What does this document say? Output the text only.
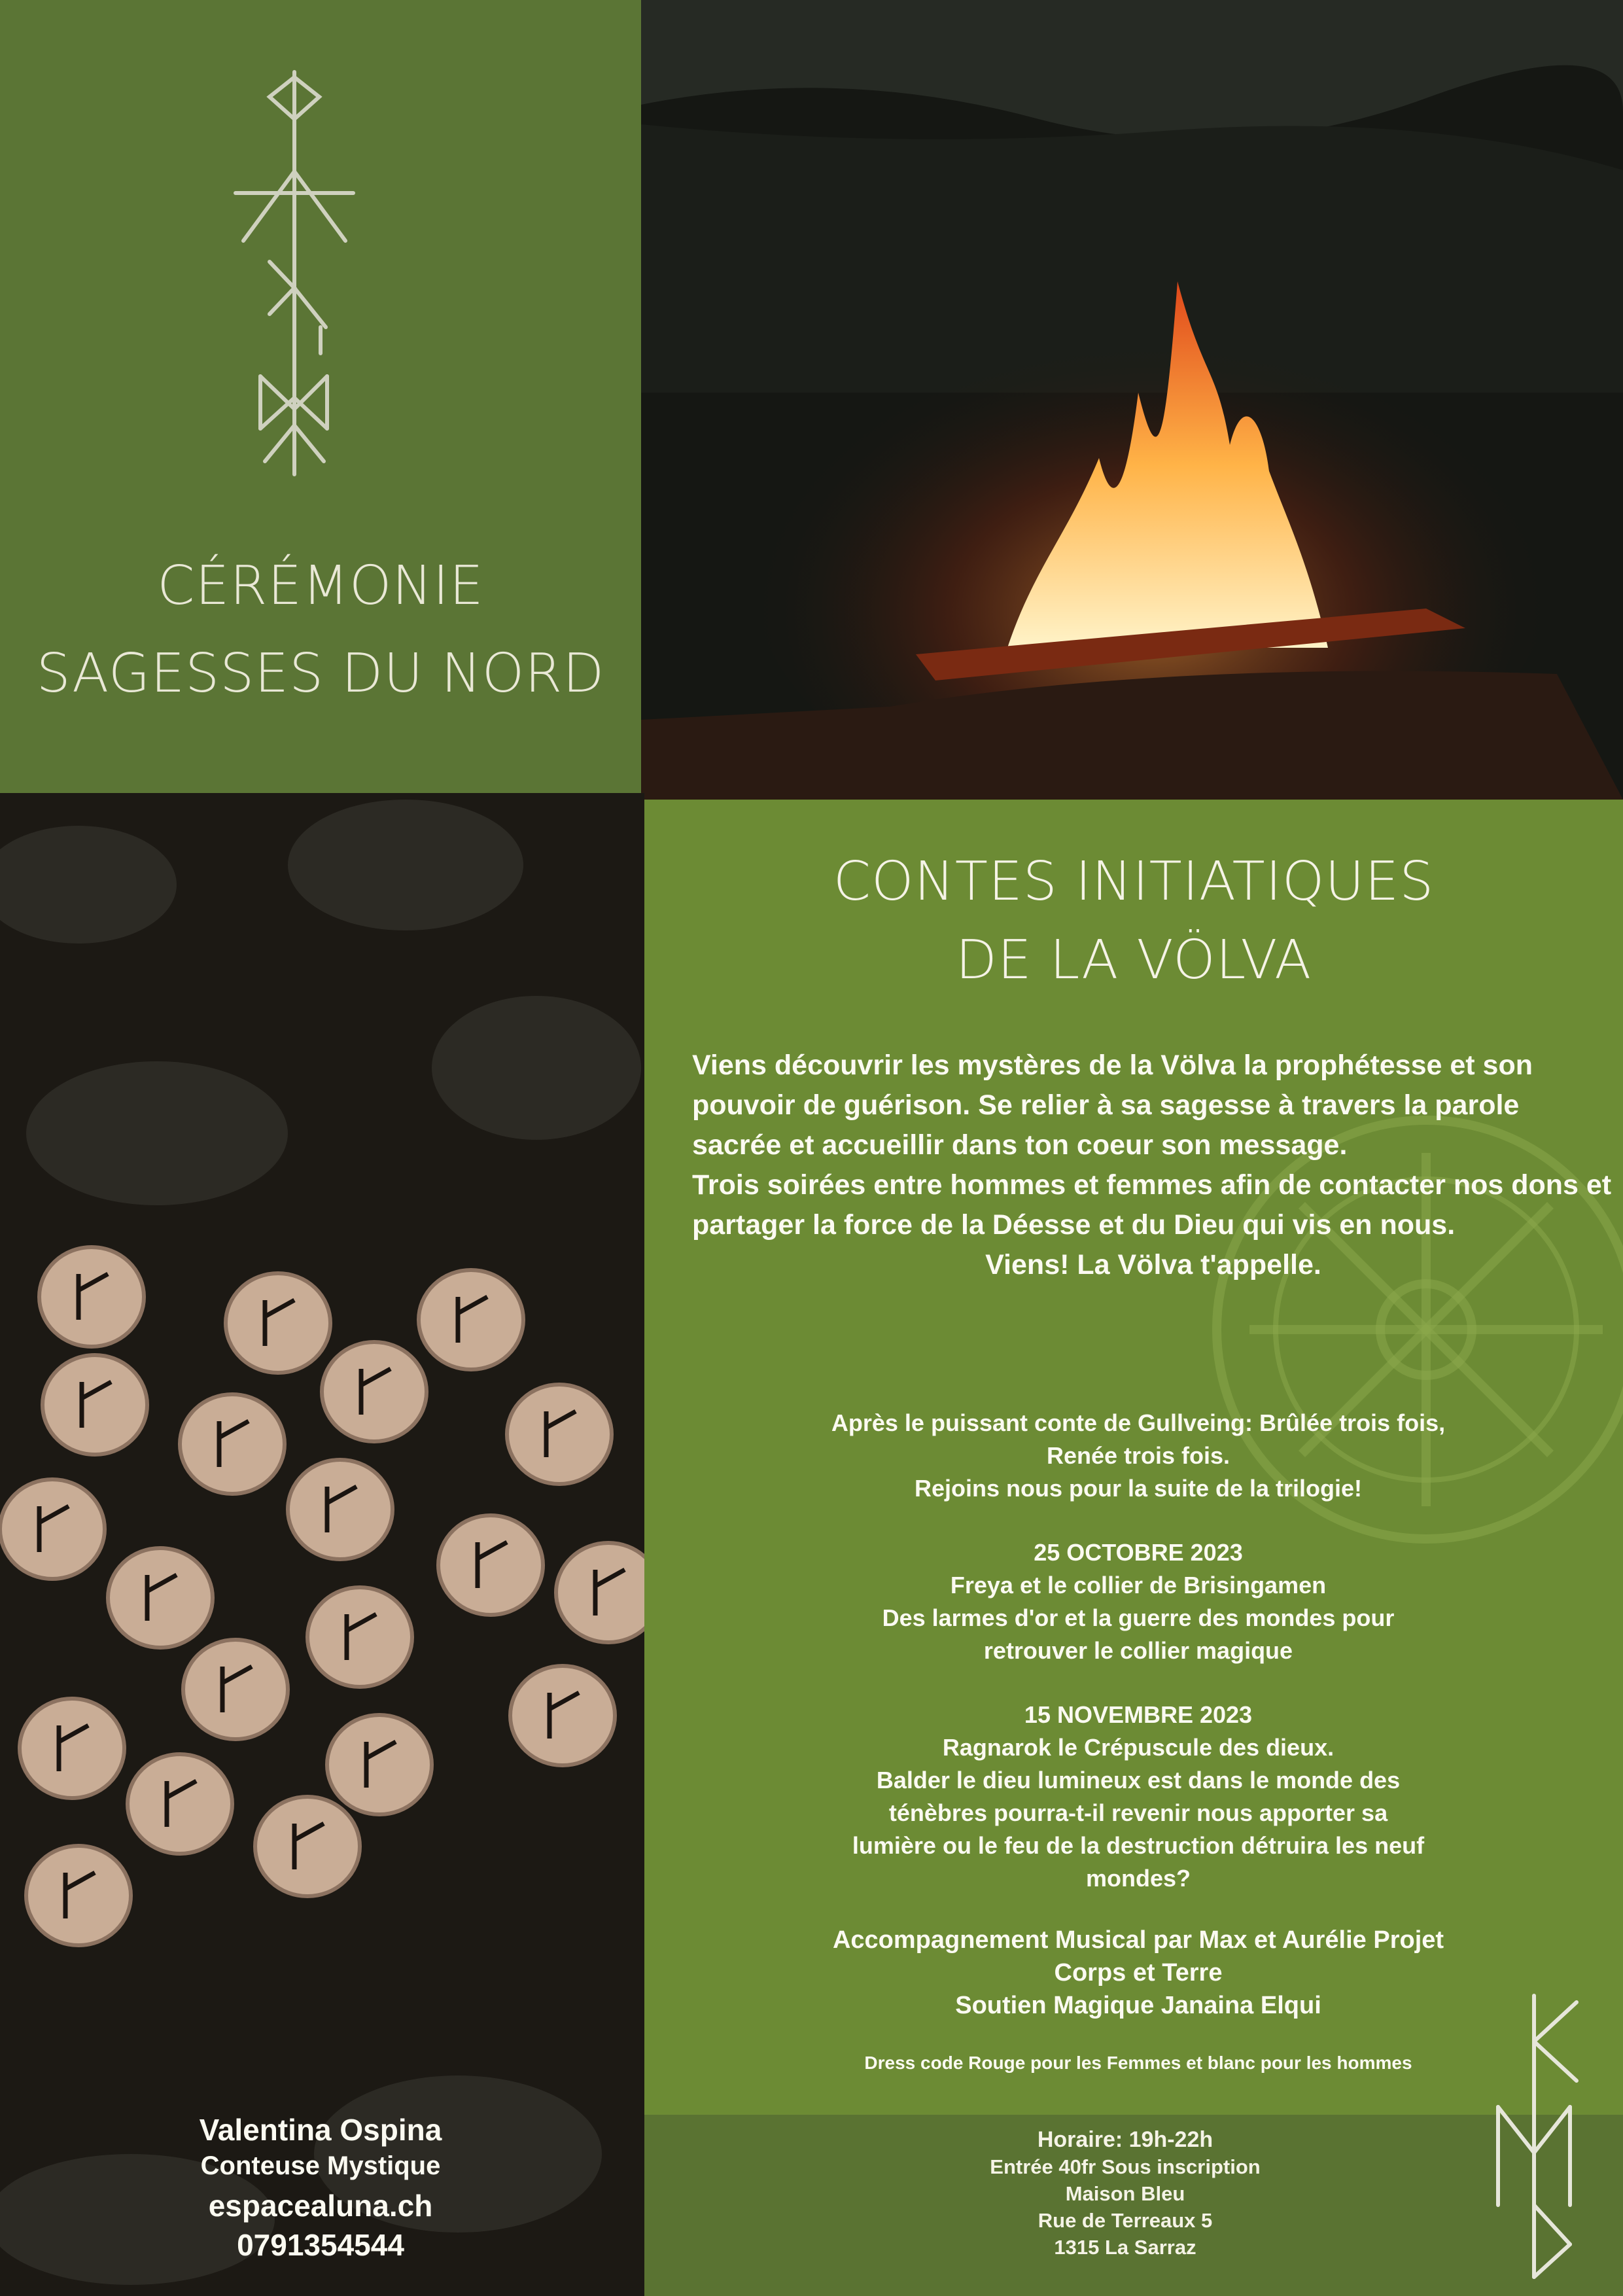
CÉRÉMONIE
SAGESSES DU NORD
Valentina Ospina
Conteuse Mystique
espacealuna.ch
0791354544
CONTES INITIATIQUES
DE LA VÖLVA

Viens découvrir les mystères de la Völva la prophétesse et son pouvoir de guérison. Se relier à sa sagesse à travers la parole sacrée et accueillir dans ton coeur son message.

Trois soirées entre hommes et femmes afin de contacter nos dons et partager la force de la Déesse et du Dieu qui vis en nous.

Viens! La Völva t'appelle.

Après le puissant conte de Gullveing: Brûlée trois fois,

Renée trois fois.

Rejoins nous pour la suite de la trilogie!

25 OCTOBRE 2023

Freya et le collier de Brisingamen

Des larmes d'or et la guerre des mondes pour

retrouver le collier magique

15 NOVEMBRE 2023

Ragnarok le Crépuscule des dieux.

Balder le dieu lumineux est dans le monde des

ténèbres pourra-t-il revenir nous apporter sa

lumière ou le feu de la destruction détruira les neuf

mondes?

Accompagnement Musical par Max et Aurélie Projet

Corps et Terre

Soutien Magique Janaina Elqui

Dress code Rouge pour les Femmes et blanc pour les hommes

Horaire: 19h-22h

Entrée 40fr Sous inscription

Maison Bleu

Rue de Terreaux 5

1315 La Sarraz
